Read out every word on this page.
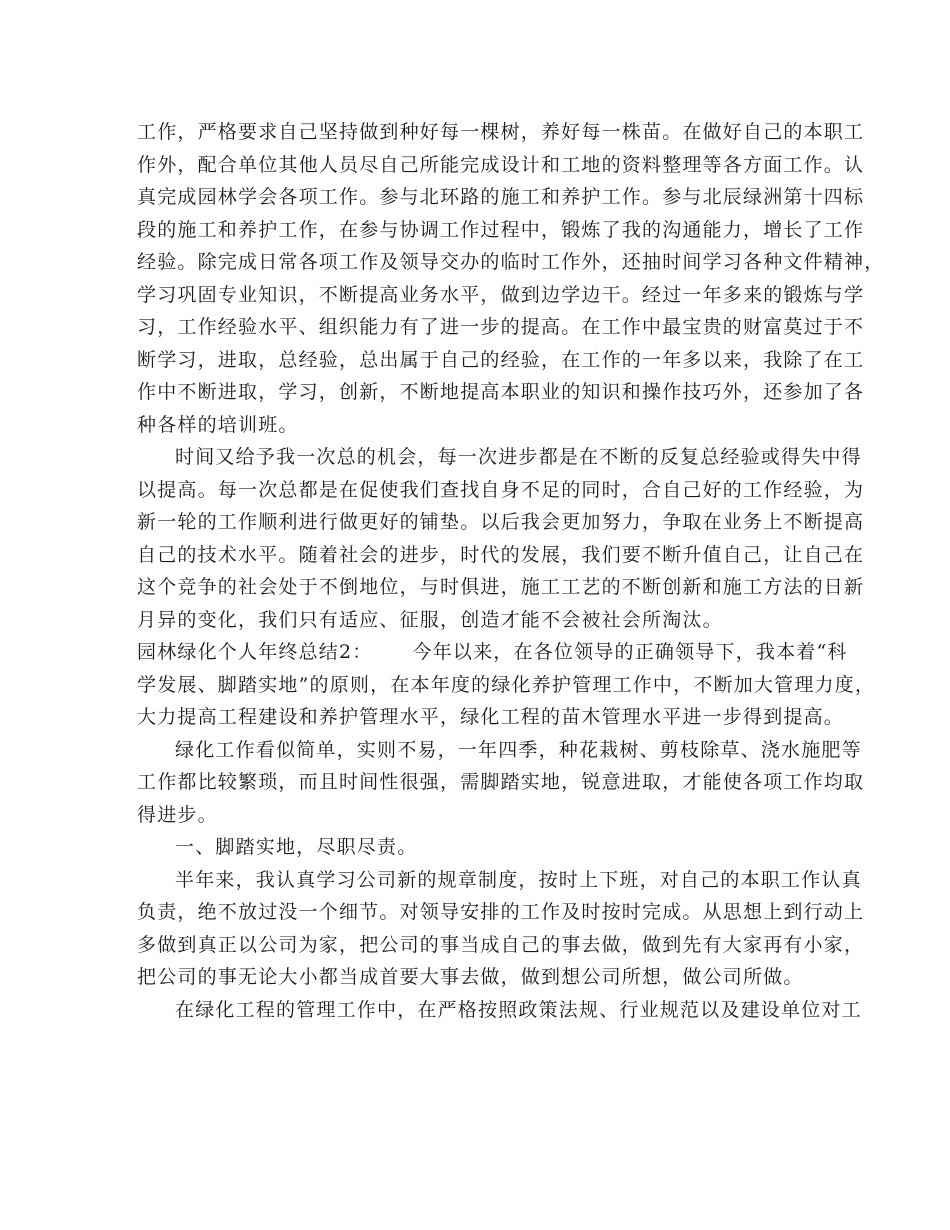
工作，严格要求自己坚持做到种好每一棵树，养好每一株苗。在做好自己的本职工
作外，配合单位其他人员尽自己所能完成设计和工地的资料整理等各方面工作。认
真完成园林学会各项工作。参与北环路的施工和养护工作。参与北辰绿洲第十四标
段的施工和养护工作，在参与协调工作过程中，锻炼了我的沟通能力，增长了工作
经验。除完成日常各项工作及领导交办的临时工作外，还抽时间学习各种文件精神，
学习巩固专业知识，不断提高业务水平，做到边学边干。经过一年多来的锻炼与学
习，工作经验水平、组织能力有了进一步的提高。在工作中最宝贵的财富莫过于不
断学习，进取，总经验，总出属于自己的经验，在工作的一年多以来，我除了在工
作中不断进取，学习，创新，不断地提高本职业的知识和操作技巧外，还参加了各
种各样的培训班。
时间又给予我一次总的机会，每一次进步都是在不断的反复总经验或得失中得
以提高。每一次总都是在促使我们查找自身不足的同时，合自己好的工作经验，为
新一轮的工作顺利进行做更好的铺垫。以后我会更加努力，争取在业务上不断提高
自己的技术水平。随着社会的进步，时代的发展，我们要不断升值自己，让自己在
这个竞争的社会处于不倒地位，与时俱进，施工工艺的不断创新和施工方法的日新
月异的变化，我们只有适应、征服，创造才能不会被社会所淘汰。
园林绿化个人年终总结2： 今年以来，在各位领导的正确领导下，我本着“科
学发展、脚踏实地”的原则，在本年度的绿化养护管理工作中，不断加大管理力度，
大力提高工程建设和养护管理水平，绿化工程的苗木管理水平进一步得到提高。
绿化工作看似简单，实则不易，一年四季，种花栽树、剪枝除草、浇水施肥等
工作都比较繁琐，而且时间性很强，需脚踏实地，锐意进取，才能使各项工作均取
得进步。
一、脚踏实地，尽职尽责。
半年来，我认真学习公司新的规章制度，按时上下班，对自己的本职工作认真
负责，绝不放过没一个细节。对领导安排的工作及时按时完成。从思想上到行动上
多做到真正以公司为家，把公司的事当成自己的事去做，做到先有大家再有小家，
把公司的事无论大小都当成首要大事去做，做到想公司所想，做公司所做。
在绿化工程的管理工作中，在严格按照政策法规、行业规范以及建设单位对工
